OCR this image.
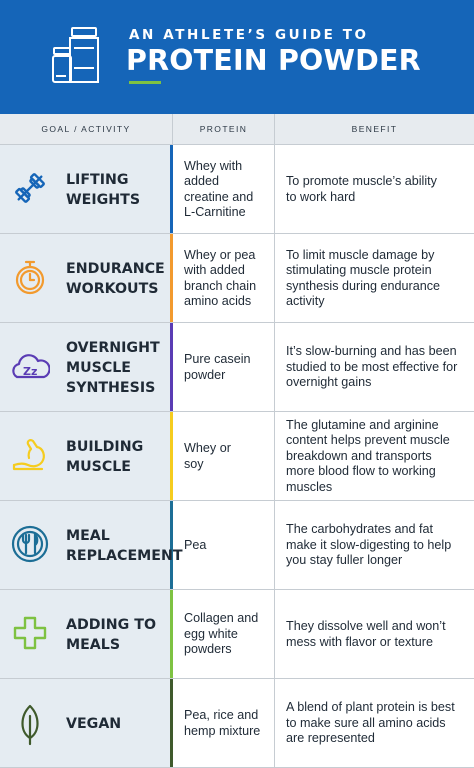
AN ATHLETE’S GUIDE TO
PROTEIN POWDER
GOAL / ACTIVITY	PROTEIN	BENEFIT
LIFTING
WEIGHTS
Whey with
added
creatine and
L-Carnitine
To promote muscle’s ability
to work hard
ENDURANCE
WORKOUTS
Whey or pea
with added
branch chain
amino acids
To limit muscle damage by
stimulating muscle protein
synthesis during endurance
activity
Zz
OVERNIGHT
MUSCLE
SYNTHESIS
Pure casein
powder
It’s slow-burning and has been
studied to be most effective for
overnight gains
BUILDING
MUSCLE
Whey or
soy
The glutamine and arginine
content helps prevent muscle
breakdown and transports
more blood flow to working
muscles
MEAL
REPLACEMENT
Pea
The carbohydrates and fat
make it slow-digesting to help
you stay fuller longer
ADDING TO
MEALS
Collagen and
egg white
powders
They dissolve well and won’t
mess with flavor or texture
VEGAN
Pea, rice and
hemp mixture
A blend of plant protein is best
to make sure all amino acids
are represented
